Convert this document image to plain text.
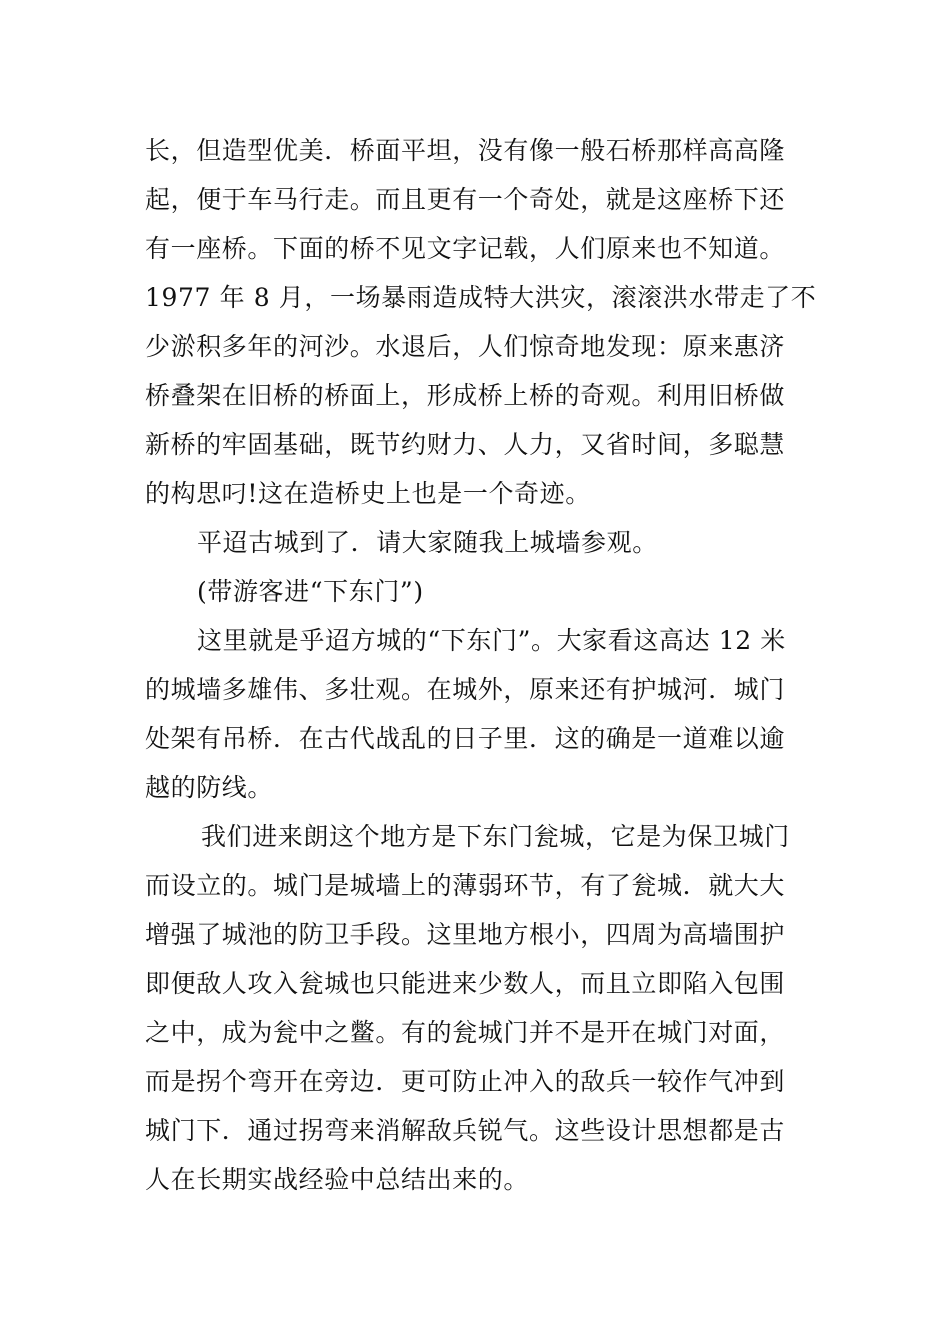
长，但造型优美．桥面平坦，没有像一般石桥那样高高隆
起，便于车马行走。而且更有一个奇处，就是这座桥下还
有一座桥。下面的桥不见文字记载，人们原来也不知道。
1977 年 8 月，一场暴雨造成特大洪灾，滚滚洪水带走了不
少淤积多年的河沙。水退后，人们惊奇地发现：原来惠济
桥叠架在旧桥的桥面上，形成桥上桥的奇观。利用旧桥做
新桥的牢固基础，既节约财力、人力，又省时间，多聪慧
的构思叼!这在造桥史上也是一个奇迹。
平迢古城到了．请大家随我上城墙参观。
(带游客进“下东门”)
这里就是乎迢方城的“下东门”。大家看这高达 12 米
的城墙多雄伟、多壮观。在城外，原来还有护城河．城门
处架有吊桥．在古代战乱的日子里．这的确是一道难以逾
越的防线。
我们进来朗这个地方是下东门瓮城，它是为保卫城门
而设立的。城门是城墙上的薄弱环节，有了瓮城．就大大
增强了城池的防卫手段。这里地方根小，四周为高墙围护
即便敌人攻入瓮城也只能进来少数人，而且立即陷入包围
之中，成为瓮中之鳖。有的瓮城门并不是开在城门对面，
而是拐个弯开在旁边．更可防止冲入的敌兵一较作气冲到
城门下．通过拐弯来消解敌兵锐气。这些设计思想都是古
人在长期实战经验中总结出来的。
